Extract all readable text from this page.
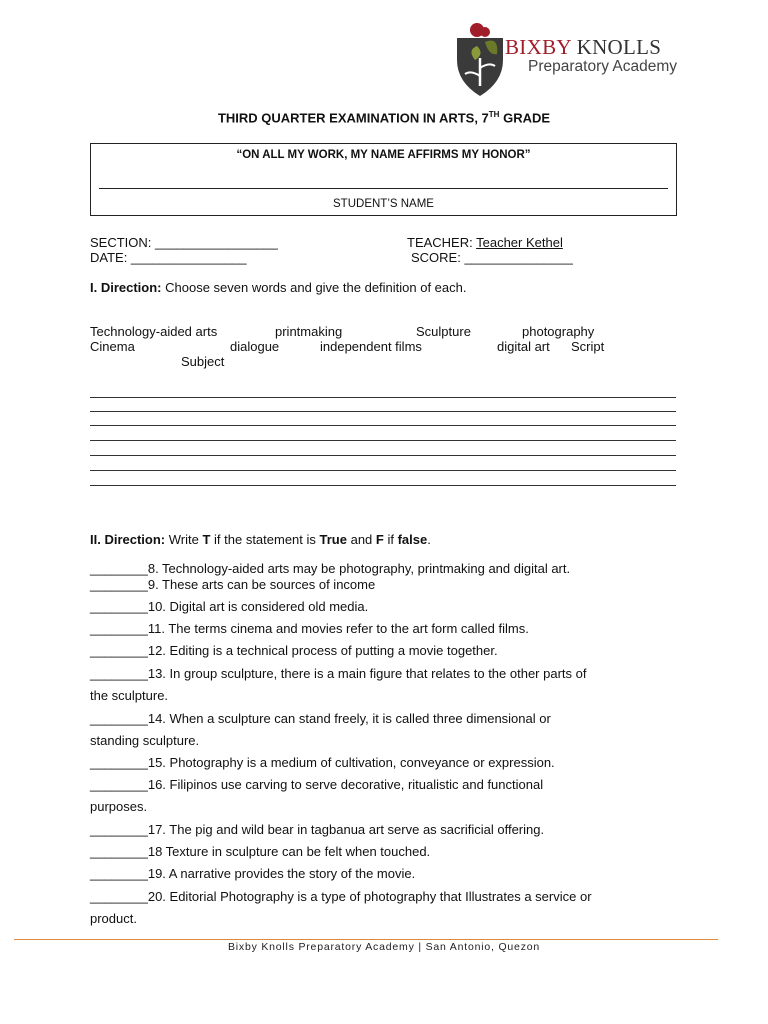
BIXBY KNOLLS
Preparatory Academy
THIRD QUARTER EXAMINATION IN ARTS, 7TH GRADE
“ON ALL MY WORK, MY NAME AFFIRMS MY HONOR”
STUDENT’S NAME
SECTION: _________________
DATE: ________________
TEACHER: Teacher Kethel
SCORE: _______________
I. Direction: Choose seven words and give the definition of each.
Technology-aided arts	printmaking	Sculpture	photography
Cinema	dialogue	independent films	digital art Script
Subject
II. Direction: Write T if the statement is True and F if false.
________8. Technology-aided arts may be photography, printmaking and digital art.
________9. These arts can be sources of income
________10. Digital art is considered old media.
________11. The terms cinema and movies refer to the art form called films.
________12. Editing is a technical process of putting a movie together.
________13. In group sculpture, there is a main figure that relates to the other parts of
the sculpture.
________14. When a sculpture can stand freely, it is called three dimensional or
standing sculpture.
________15. Photography is a medium of cultivation, conveyance or expression.
________16. Filipinos use carving to serve decorative, ritualistic and functional
purposes.
________17. The pig and wild bear in tagbanua art serve as sacrificial offering.
________18 Texture in sculpture can be felt when touched.
________19. A narrative provides the story of the movie.
________20. Editorial Photography is a type of photography that Illustrates a service or
product.
Bixby Knolls Preparatory Academy | San Antonio, Quezon
